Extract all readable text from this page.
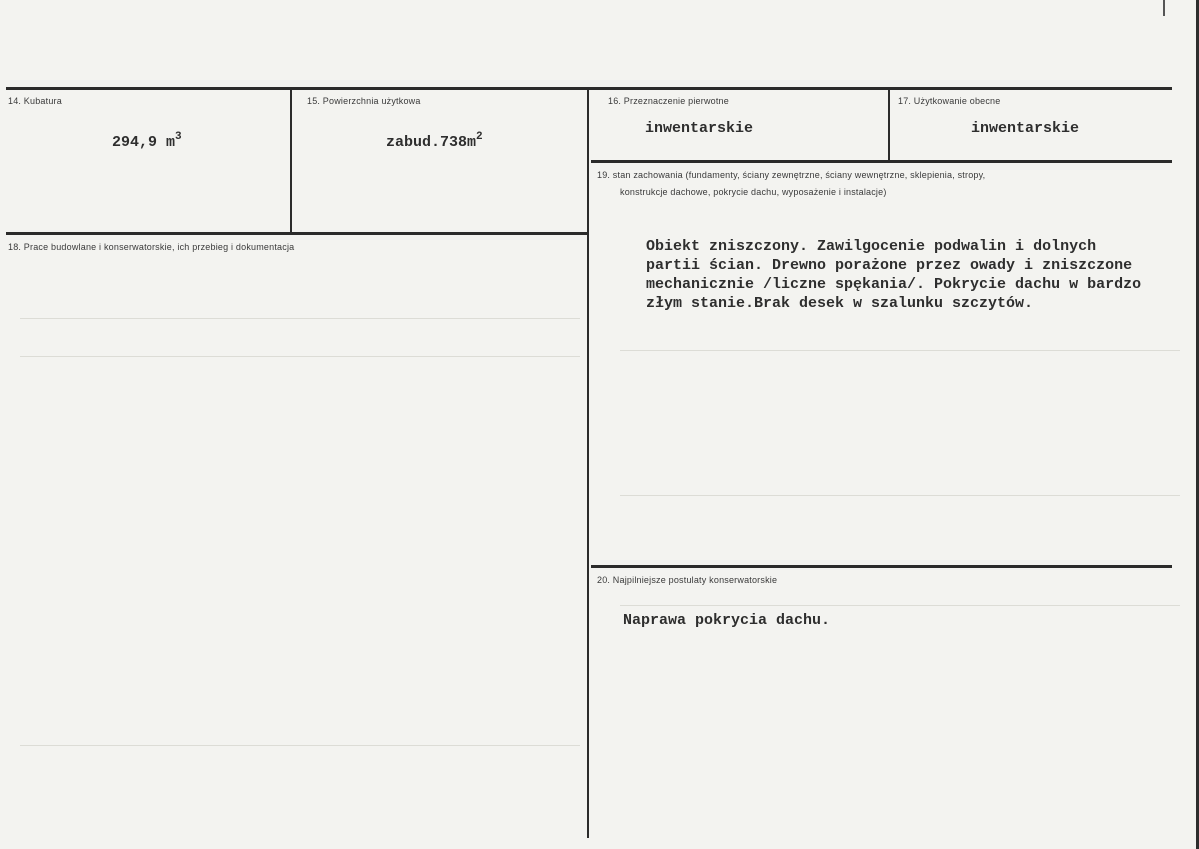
14. Kubatura
294,9 $m^3$
15. Powierzchnia użytkowa
$zabud.738m^2$
16. Przeznaczenie pierwotne
inwentarskie
17. Użytkowanie obecne
inwentarskie
18. Prace budowlane i konserwatorskie, ich przebieg i dokumentacja
19. stan zachowania (fundamenty, ściany zewnętrzne, ściany wewnętrzne, sklepienia, stropy,
konstrukcje dachowe, pokrycie dachu, wyposażenie i instalacje)
Obiekt zniszczony. Zawilgocenie podwalin i dolnych
partii ścian. Drewno porażone przez owady i zniszczone
mechanicznie /liczne spękania/. Pokrycie dachu w bardzo
złym stanie.Brak desek w szalunku szczytów.
20. Najpilniejsze postulaty konserwatorskie
Naprawa pokrycia dachu.
